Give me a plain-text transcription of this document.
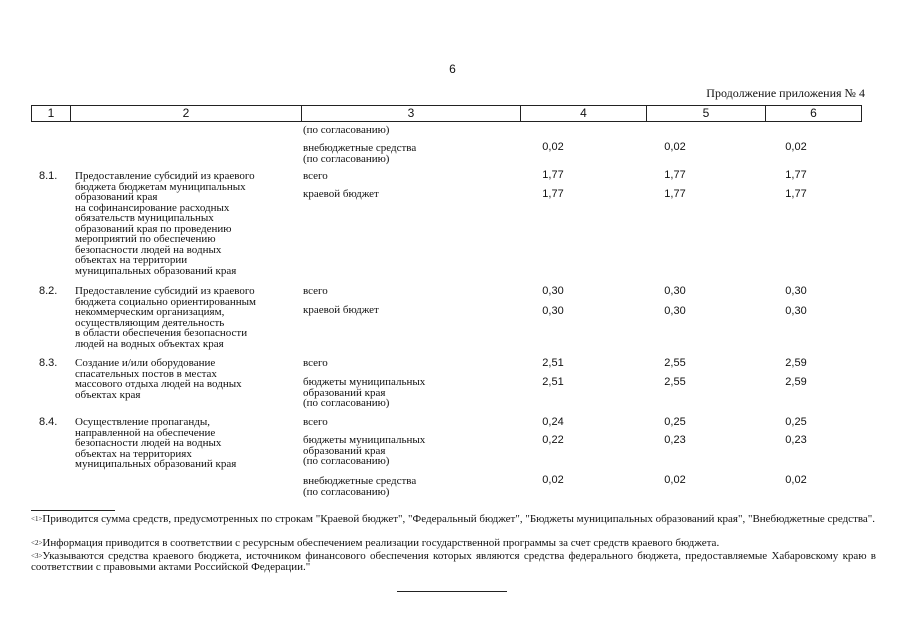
6
Продолжение приложения № 4
1	2	3	4	5	6
(по согласованию)
внебюджетные средства
(по согласованию)
0,02	0,02	0,02
8.1. Предоставление субсидий из краевого
бюджета бюджетам муниципальных
образований края
на софинансирование расходных
обязательств муниципальных
образований края по проведению
мероприятий по обеспечению
безопасности людей на водных
объектах на территории
муниципальных образований края
всего	1,77	1,77	1,77
краевой бюджет	1,77	1,77	1,77
8.2. Предоставление субсидий из краевого
бюджета социально ориентированным
некоммерческим организациям,
осуществляющим деятельность
в области обеспечения безопасности
людей на водных объектах края
всего	0,30	0,30	0,30
краевой бюджет	0,30	0,30	0,30
8.3. Создание и/или оборудование
спасательных постов в местах
массового отдыха людей на водных
объектах края
всего	2,51	2,55	2,59
бюджеты муниципальных
образований края
(по согласованию)
2,51	2,55	2,59
8.4. Осуществление пропаганды,
направленной на обеспечение
безопасности людей на водных
объектах на территориях
муниципальных образований края
всего	0,24	0,25	0,25
бюджеты муниципальных
образований края
(по согласованию)
0,22	0,23	0,23
внебюджетные средства
(по согласованию)
0,02	0,02	0,02
$^{<1>}$Приводится сумма средств, предусмотренных по строкам "Краевой бюджет", "Федеральный бюджет", "Бюджеты муниципальных образований края", "Внебюджетные средства".
$^{<2>}$Информация приводится в соответствии с ресурсным обеспечением реализации государственной программы за счет средств краевого бюджета.
$^{<3>}$Указываются средства краевого бюджета, источником финансового обеспечения которых являются средства федерального бюджета, предоставляемые Хабаровскому краю в соответствии с правовыми актами Российской Федерации."
